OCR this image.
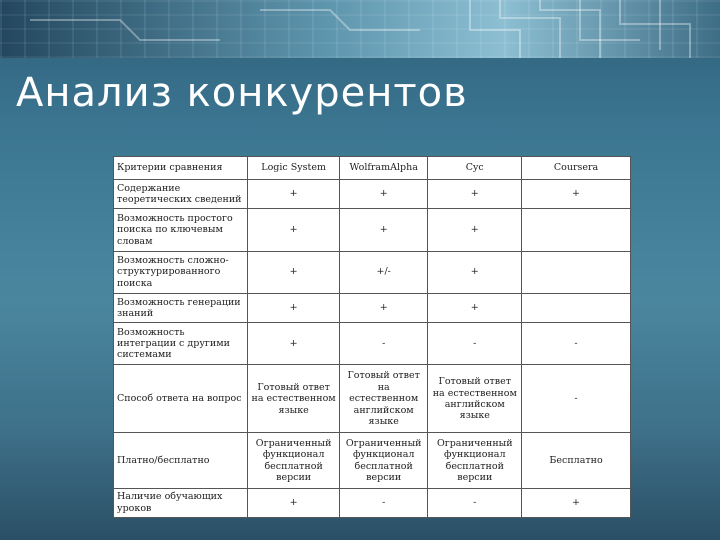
Анализ конкурентов
Критерии сравнения	Logic System	WolframAlpha	Cyc	Coursera
Содержание теоретических сведений	+	+	+	+
Возможность простого поиска по ключевым словам	+	+	+	
Возможность сложно-структурированного поиска	+	+/-	+	
Возможность генерации знаний	+	+	+	
Возможность интеграции с другими системами	+	-	-	-
Способ ответа на вопрос	Готовый ответ на естественном языке	Готовый ответ на естественном английском языке	Готовый ответ на естественном английском языке	-
Платно/бесплатно	Ограниченный функционал бесплатной версии	Ограниченный функционал бесплатной версии	Ограниченный функционал бесплатной версии	Бесплатно
Наличие обучающих уроков	+	-	-	+
